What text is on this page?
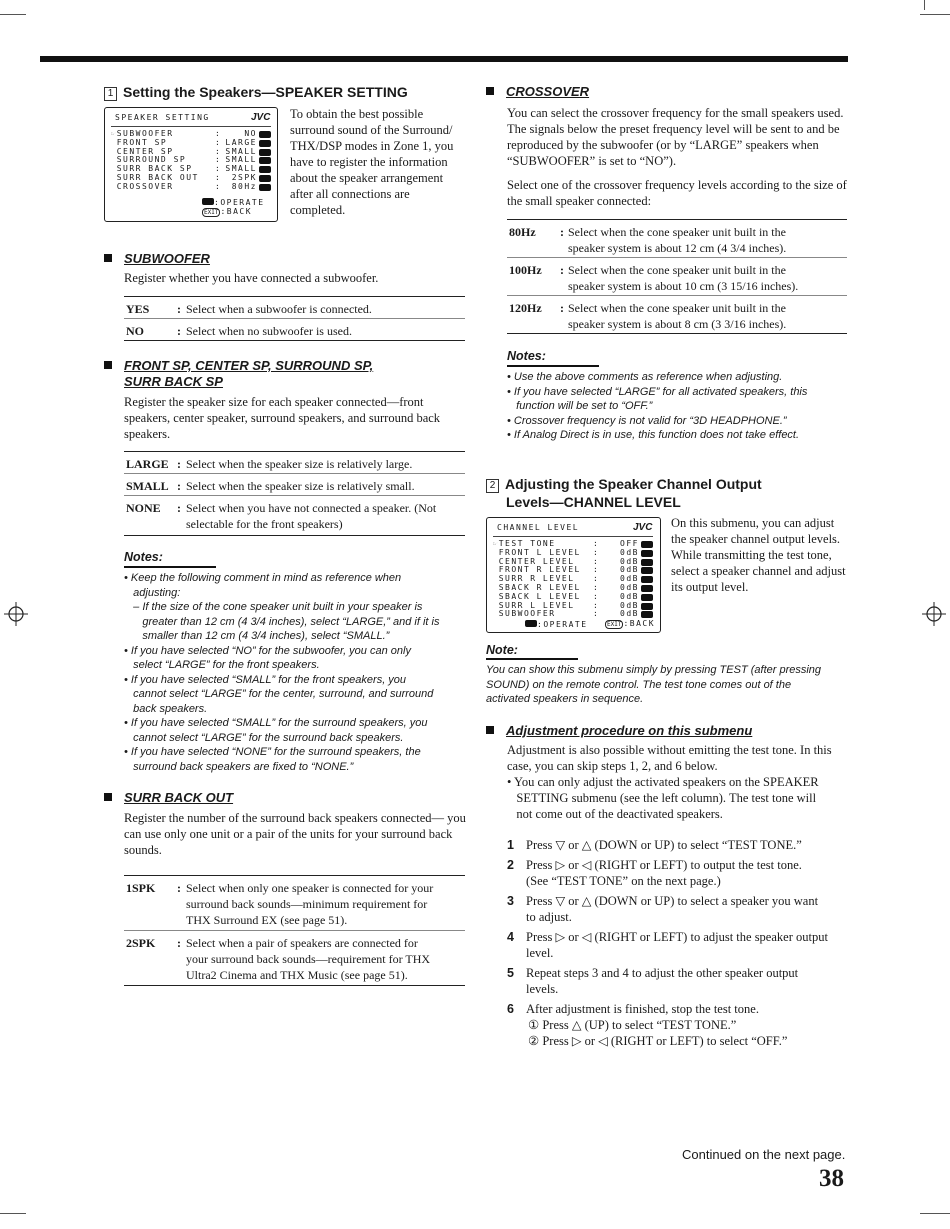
1 Setting the Speakers—SPEAKER SETTING
SPEAKER SETTING	JVC
☞SUBWOOFER	:	NO
FRONT SP	: LARGE
CENTER SP	: SMALL
SURROUND SP	: SMALL
SURR BACK SP	: SMALL
SURR BACK OUT : 2SPK
CROSSOVER	: 80Hz
:OPERATE
EXIT :BACK
To obtain the best possible surround sound of the Surround/ THX/DSP modes in Zone 1, you have to register the information about the speaker arrangement after all connections are completed.
SUBWOOFER
Register whether you have connected a subwoofer.
YES : Select when a subwoofer is connected.
NO	: Select when no subwoofer is used.
FRONT SP, CENTER SP, SURROUND SP,
SURR BACK SP
Register the speaker size for each speaker connected—front speakers, center speaker, surround speakers, and surround back speakers.
LARGE : Select when the speaker size is relatively large.
SMALL : Select when the speaker size is relatively small.
NONE : Select when you have not connected a speaker. (Not
selectable for the front speakers)
Notes:
• Keep the following comment in mind as reference when
adjusting:
– If the size of the cone speaker unit built in your speaker is
greater than 12 cm (4 3/4 inches), select “LARGE,” and if it is
smaller than 12 cm (4 3/4 inches), select “SMALL.”
• If you have selected “NO” for the subwoofer, you can only
select “LARGE” for the front speakers.
• If you have selected “SMALL” for the front speakers, you
cannot select “LARGE” for the center, surround, and surround
back speakers.
• If you have selected “SMALL” for the surround speakers, you
cannot select “LARGE” for the surround back speakers.
• If you have selected “NONE” for the surround speakers, the
surround back speakers are fixed to “NONE.”
SURR BACK OUT
Register the number of the surround back speakers connected— you can use only one unit or a pair of the units for your surround back sounds.
1SPK : Select when only one speaker is connected for your
surround back sounds—minimum requirement for
THX Surround EX (see page 51).
2SPK : Select when a pair of speakers are connected for
your surround back sounds—requirement for THX
Ultra2 Cinema and THX Music (see page 51).
CROSSOVER
You can select the crossover frequency for the small speakers used. The signals below the preset frequency level will be sent to and be reproduced by the subwoofer (or by “LARGE” speakers when “SUBWOOFER” is set to “NO”).
Select one of the crossover frequency levels according to the size of the small speaker connected:
80Hz : Select when the cone speaker unit built in the
speaker system is about 12 cm (4 3/4 inches).
100Hz : Select when the cone speaker unit built in the
speaker system is about 10 cm (3 15/16 inches).
120Hz : Select when the cone speaker unit built in the
speaker system is about 8 cm (3 3/16 inches).
Notes:
• Use the above comments as reference when adjusting.
• If you have selected “LARGE” for all activated speakers, this
function will be set to “OFF.”
• Crossover frequency is not valid for “3D HEADPHONE.”
• If Analog Direct is in use, this function does not take effect.
2 Adjusting the Speaker Channel Output
Levels—CHANNEL LEVEL
CHANNEL LEVEL	JVC
☞TEST TONE	:	OFF
FRONT L LEVEL :	0dB
CENTER LEVEL :	0dB
FRONT R LEVEL :	0dB
SURR R LEVEL :	0dB
SBACK R LEVEL :	0dB
SBACK L LEVEL :	0dB
SURR L LEVEL :	0dB
SUBWOOFER	:	0dB
:OPERATE	EXIT :BACK
On this submenu, you can adjust the speaker channel output levels. While transmitting the test tone, select a speaker channel and adjust its output level.
Note:
You can show this submenu simply by pressing TEST (after pressing
SOUND) on the remote control. The test tone comes out of the
activated speakers in sequence.
Adjustment procedure on this submenu
Adjustment is also possible without emitting the test tone. In this case, you can skip steps 1, 2, and 6 below.
• You can only adjust the activated speakers on the SPEAKER
SETTING submenu (see the left column). The test tone will
not come out of the deactivated speakers.
1 Press ▽ or △ (DOWN or UP) to select “TEST TONE.”
2 Press ▷ or ◁ (RIGHT or LEFT) to output the test tone.
(See “TEST TONE” on the next page.)
3 Press ▽ or △ (DOWN or UP) to select a speaker you want
to adjust.
4 Press ▷ or ◁ (RIGHT or LEFT) to adjust the speaker output
level.
5 Repeat steps 3 and 4 to adjust the other speaker output
levels.
6 After adjustment is finished, stop the test tone.
① Press △ (UP) to select “TEST TONE.”
② Press ▷ or ◁ (RIGHT or LEFT) to select “OFF.”
Continued on the next page.
38
